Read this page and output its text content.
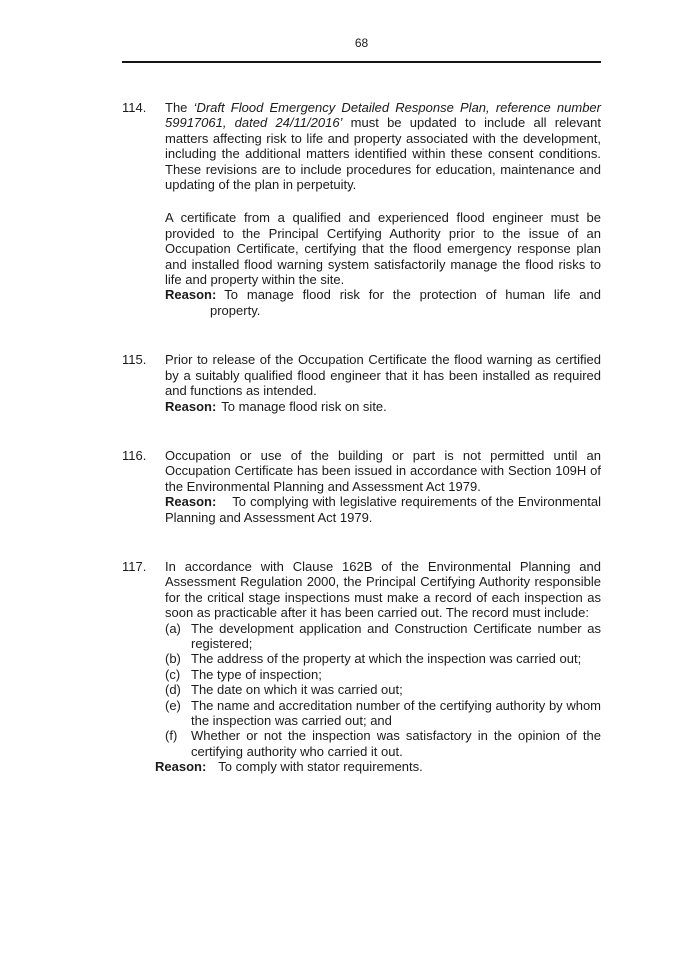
68
114.	The ‘Draft Flood Emergency Detailed Response Plan, reference number 59917061, dated 24/11/2016’ must be updated to include all relevant matters affecting risk to life and property associated with the development, including the additional matters identified within these consent conditions. These revisions are to include procedures for education, maintenance and updating of the plan in perpetuity.

A certificate from a qualified and experienced flood engineer must be provided to the Principal Certifying Authority prior to the issue of an Occupation Certificate, certifying that the flood emergency response plan and installed flood warning system satisfactorily manage the flood risks to life and property within the site.

Reason: To manage flood risk for the protection of human life and property.

115.	Prior to release of the Occupation Certificate the flood warning as certified by a suitably qualified flood engineer that it has been installed as required and functions as intended.

Reason: To manage flood risk on site.

116.	Occupation or use of the building or part is not permitted until an Occupation Certificate has been issued in accordance with Section 109H of the Environmental Planning and Assessment Act 1979.

Reason: To complying with legislative requirements of the Environmental Planning and Assessment Act 1979.

117.	In accordance with Clause 162B of the Environmental Planning and Assessment Regulation 2000, the Principal Certifying Authority responsible for the critical stage inspections must make a record of each inspection as soon as practicable after it has been carried out. The record must include:

(a) The development application and Construction Certificate number as registered;
(b) The address of the property at which the inspection was carried out;
(c) The type of inspection;
(d) The date on which it was carried out;
(e) The name and accreditation number of the certifying authority by whom the inspection was carried out; and
(f)	Whether or not the inspection was satisfactory in the opinion of the certifying authority who carried it out.

Reason: To comply with stator requirements.
